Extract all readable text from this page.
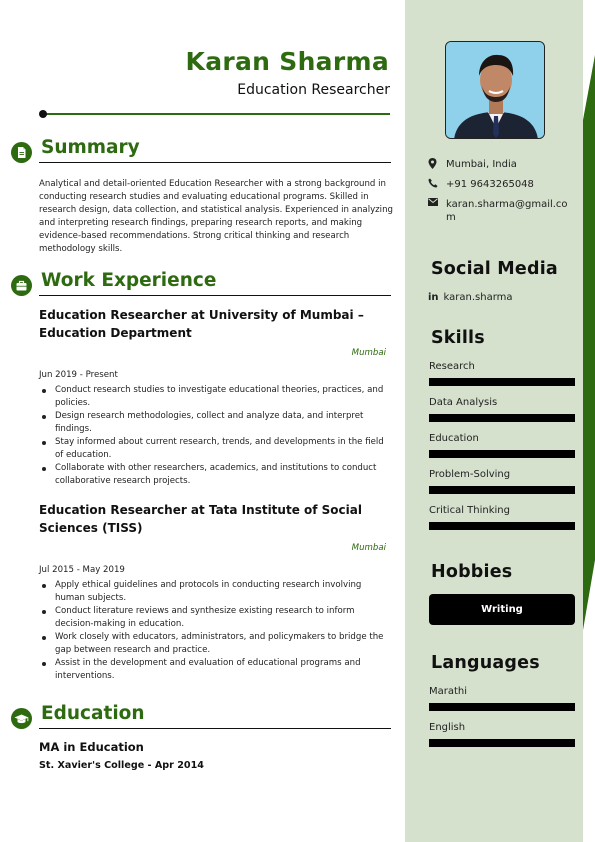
Mumbai, India
+91 9643265048
karan.sharma@gmail.com
Social Media
in karan.sharma
Skills
Research
Data Analysis
Education
Problem-Solving
Critical Thinking
Hobbies
Writing
Languages
Marathi
English
Karan Sharma
Education Researcher
Summary
Analytical and detail-oriented Education Researcher with a strong background in conducting research studies and evaluating educational programs. Skilled in research design, data collection, and statistical analysis. Experienced in analyzing and interpreting research findings, preparing research reports, and making evidence-based recommendations. Strong critical thinking and research methodology skills.
Work Experience
Education Researcher at University of Mumbai – Education Department
Mumbai
Jun 2019 - Present
Conduct research studies to investigate educational theories, practices, and policies.
Design research methodologies, collect and analyze data, and interpret findings.
Stay informed about current research, trends, and developments in the field of education.
Collaborate with other researchers, academics, and institutions to conduct collaborative research projects.
Education Researcher at Tata Institute of Social Sciences (TISS)
Mumbai
Jul 2015 - May 2019
Apply ethical guidelines and protocols in conducting research involving human subjects.
Conduct literature reviews and synthesize existing research to inform decision-making in education.
Work closely with educators, administrators, and policymakers to bridge the gap between research and practice.
Assist in the development and evaluation of educational programs and interventions.
Education
MA in Education
St. Xavier's College - Apr 2014
